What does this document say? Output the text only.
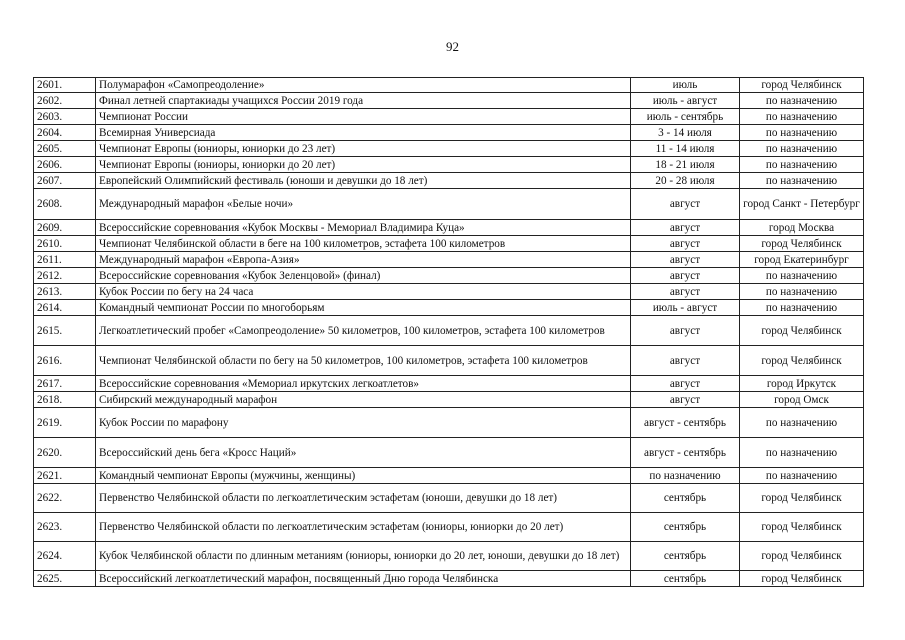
92
2601.	Полумарафон «Самопреодоление»	июль	город Челябинск
2602.	Финал летней спартакиады учащихся России 2019 года	июль - август	по назначению
2603.	Чемпионат России	июль - сентябрь	по назначению
2604.	Всемирная Универсиада	3 - 14 июля	по назначению
2605.	Чемпионат Европы (юниоры, юниорки до 23 лет)	11 - 14 июля	по назначению
2606.	Чемпионат Европы (юниоры, юниорки до 20 лет)	18 - 21 июля	по назначению
2607.	Европейский Олимпийский фестиваль (юноши и девушки до 18 лет)	20 - 28 июля	по назначению
2608.	Международный марафон «Белые ночи»	август	город Санкт - Петербург
2609.	Всероссийские соревнования «Кубок Москвы - Мемориал Владимира Куца»	август	город Москва
2610.	Чемпионат Челябинской области в беге на 100 километров, эстафета 100 километров	август	город Челябинск
2611.	Международный марафон «Европа-Азия»	август	город Екатеринбург
2612.	Всероссийские соревнования «Кубок Зеленцовой» (финал)	август	по назначению
2613.	Кубок России по бегу на 24 часа	август	по назначению
2614.	Командный чемпионат России по многоборьям	июль - август	по назначению
2615.	Легкоатлетический пробег «Самопреодоление» 50 километров, 100 километров, эстафета 100 километров	август	город Челябинск
2616.	Чемпионат Челябинской области по бегу на 50 километров, 100 километров, эстафета 100 километров	август	город Челябинск
2617.	Всероссийские соревнования «Мемориал иркутских легкоатлетов»	август	город Иркутск
2618.	Сибирский международный марафон	август	город Омск
2619.	Кубок России по марафону	август - сентябрь	по назначению
2620.	Всероссийский день бега «Кросс Наций»	август - сентябрь	по назначению
2621.	Командный чемпионат Европы (мужчины, женщины)	по назначению	по назначению
2622.	Первенство Челябинской области по легкоатлетическим эстафетам (юноши, девушки до 18 лет)	сентябрь	город Челябинск
2623.	Первенство Челябинской области по легкоатлетическим эстафетам (юниоры, юниорки до 20 лет)	сентябрь	город Челябинск
2624.	Кубок Челябинской области по длинным метаниям (юниоры, юниорки до 20 лет, юноши, девушки до 18 лет)	сентябрь	город Челябинск
2625.	Всероссийский легкоатлетический марафон, посвященный Дню города Челябинска	сентябрь	город Челябинск
